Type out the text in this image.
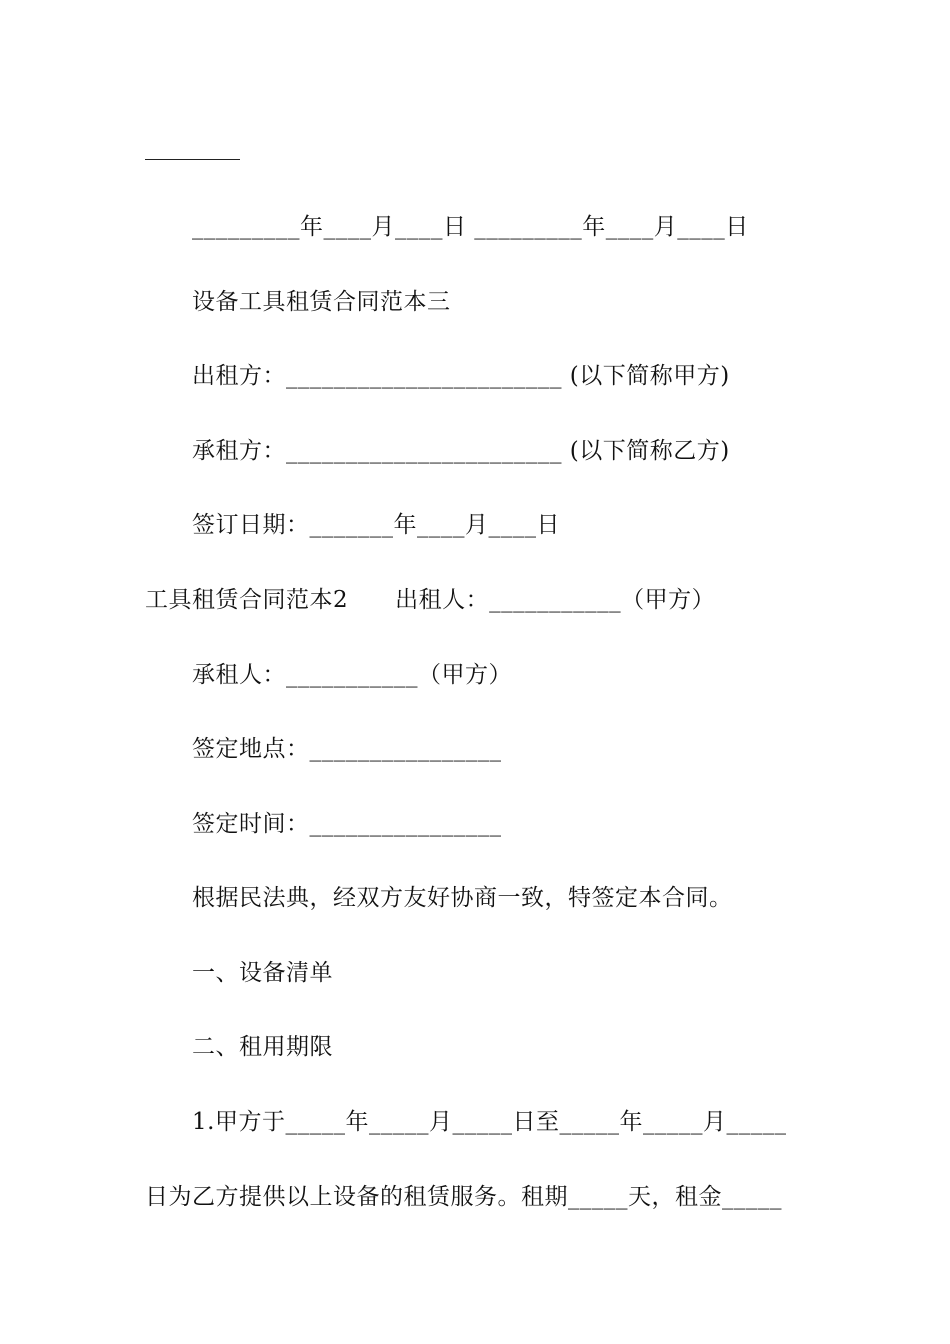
_________年____月____日 _________年____月____日
设备工具租赁合同范本三
出租方：_______________________ (以下简称甲方)
承租方：_______________________ (以下简称乙方)
签订日期：_______年____月____日
工具租赁合同范本2　　出租人：___________（甲方）
承租人：___________（甲方）
签定地点：________________
签定时间：________________
根据民法典，经双方友好协商一致，特签定本合同。
一、设备清单
二、租用期限
1.甲方于_____年_____月_____日至_____年_____月_____
日为乙方提供以上设备的租赁服务。租期_____天，租金_____
